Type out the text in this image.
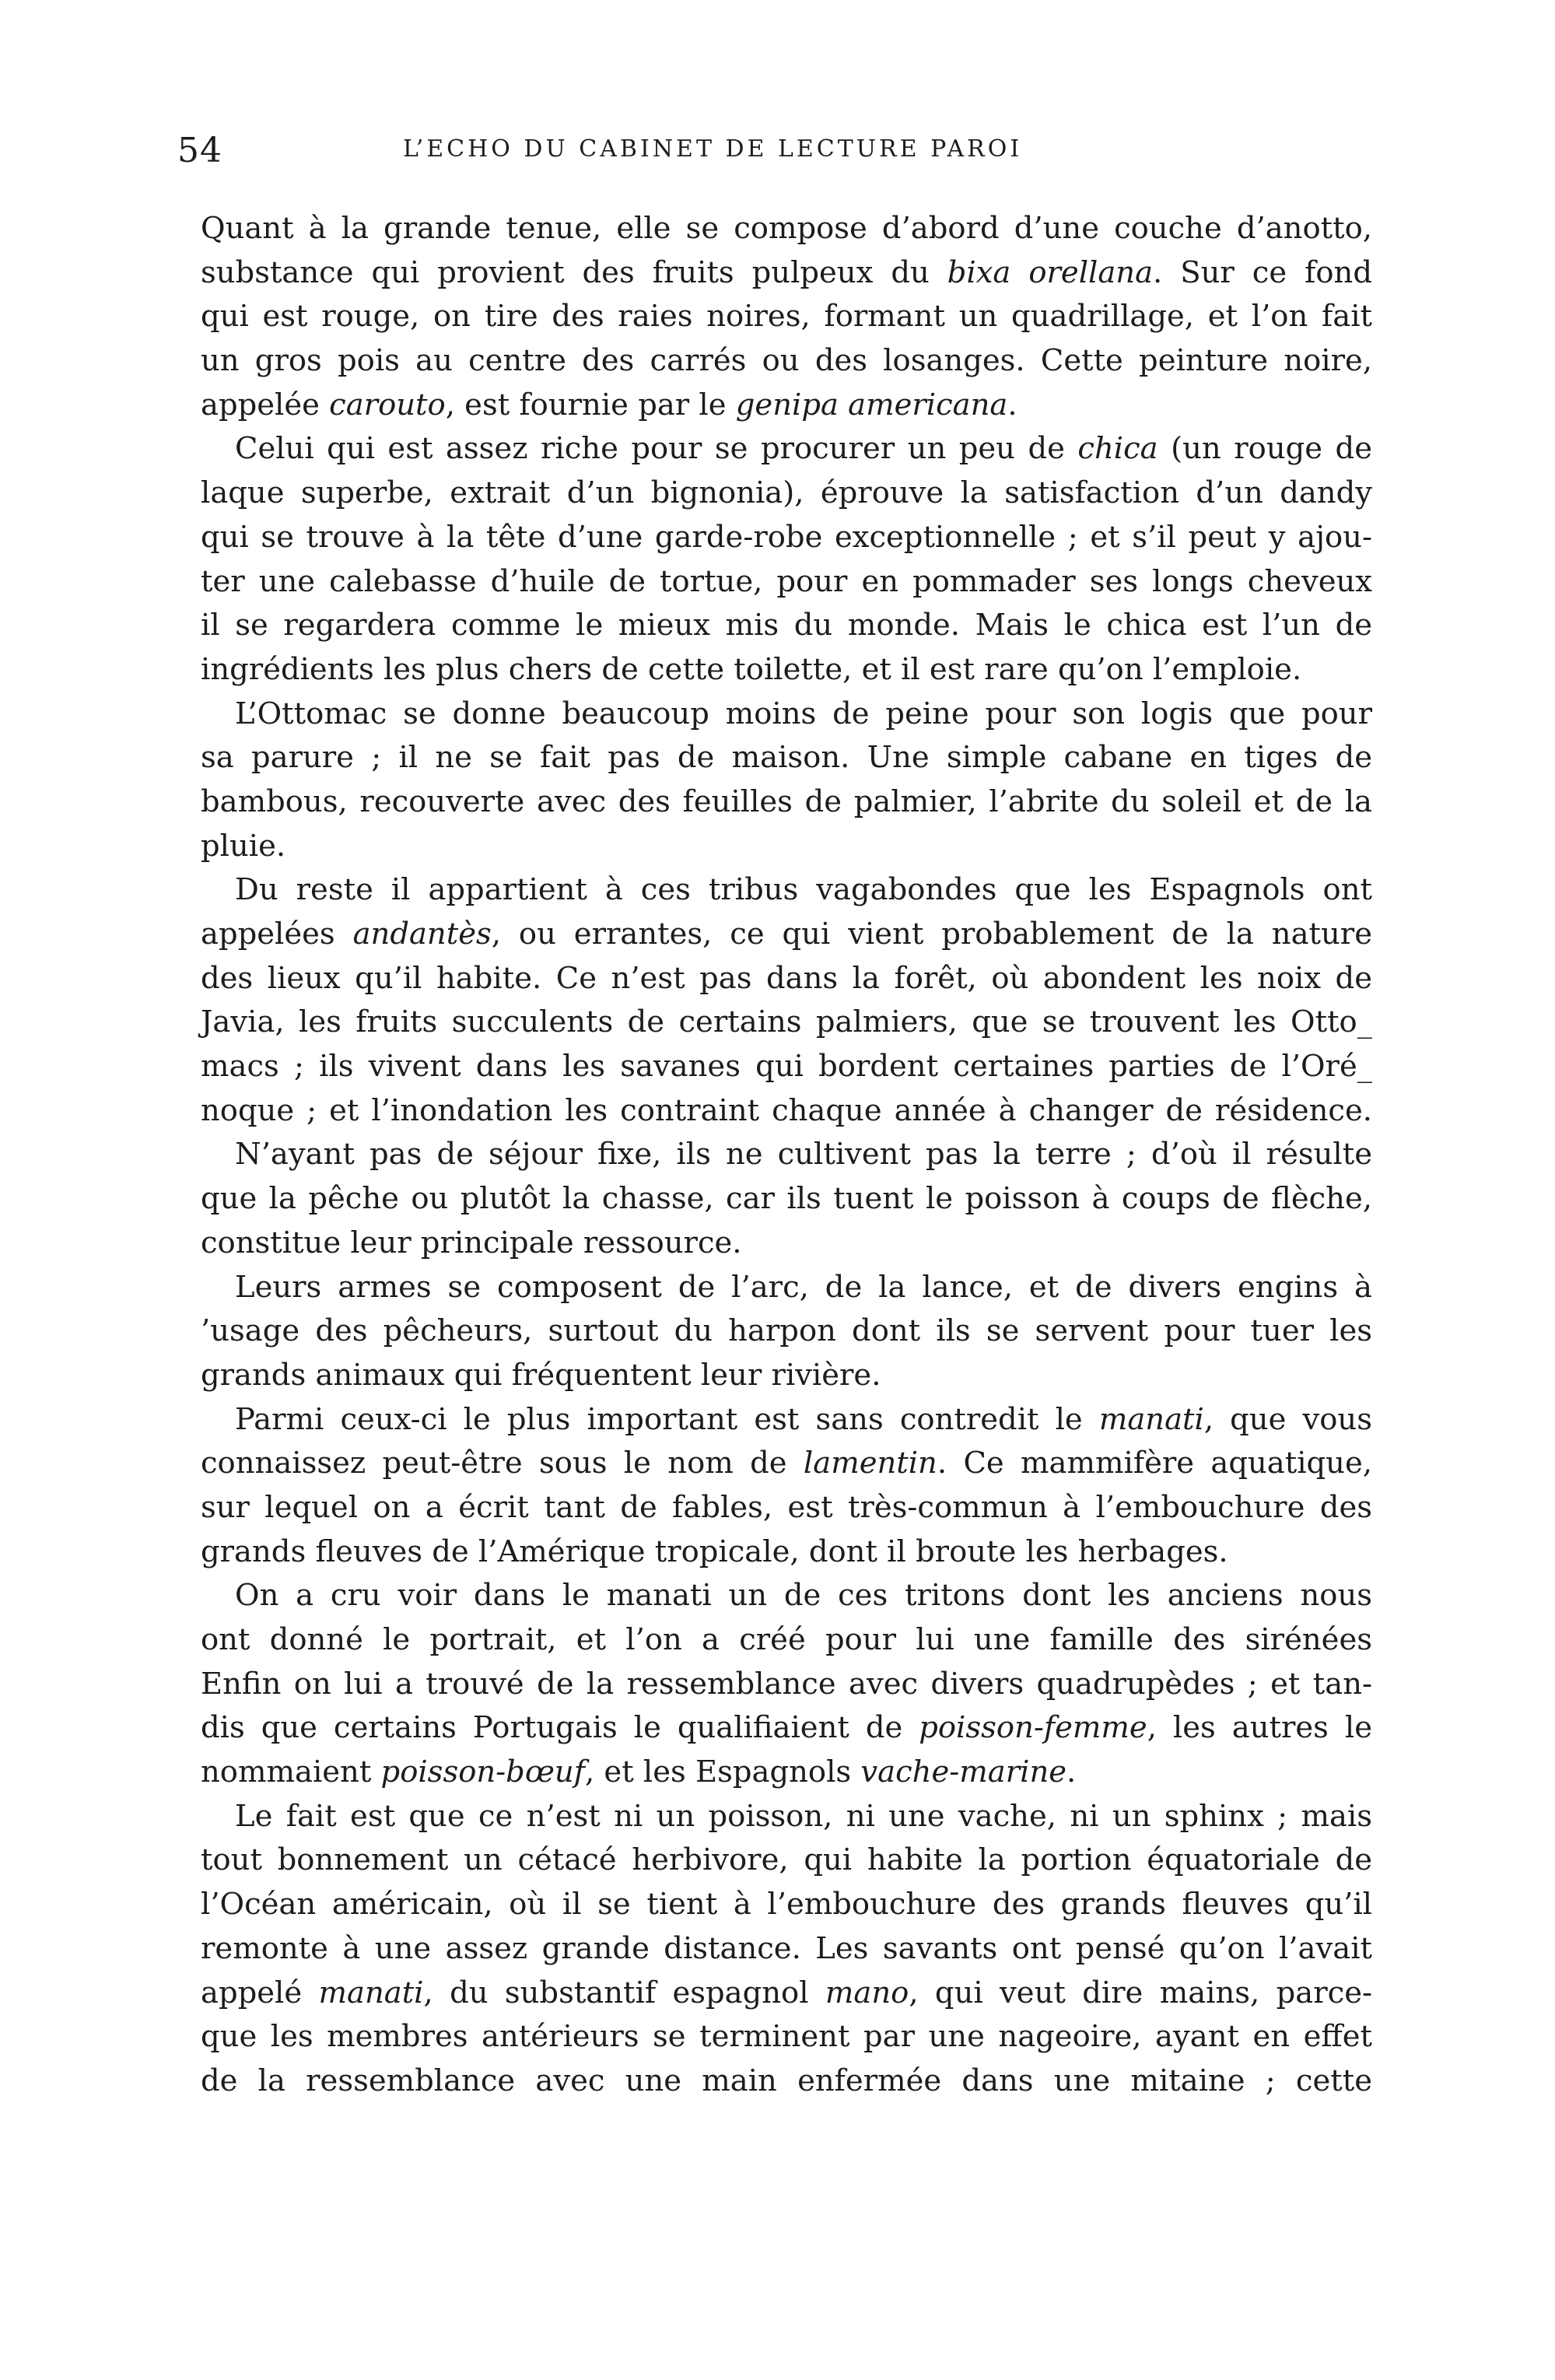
54	L’ECHO DU CABINET DE LECTURE PAROI
Quant à la grande tenue, elle se compose d’abord d’une couche d’anotto,
substance qui provient des fruits pulpeux du bixa orellana. Sur ce fond
qui est rouge, on tire des raies noires, formant un quadrillage, et l’on fait
un gros pois au centre des carrés ou des losanges. Cette peinture noire,
appelée carouto, est fournie par le genipa americana.
Celui qui est assez riche pour se procurer un peu de chica (un rouge de
laque superbe, extrait d’un bignonia), éprouve la satisfaction d’un dandy
qui se trouve à la tête d’une garde-robe exceptionnelle ; et s’il peut y ajou-
ter une calebasse d’huile de tortue, pour en pommader ses longs cheveux
il se regardera comme le mieux mis du monde. Mais le chica est l’un de
ingrédients les plus chers de cette toilette, et il est rare qu’on l’emploie.
L’Ottomac se donne beaucoup moins de peine pour son logis que pour
sa parure ; il ne se fait pas de maison. Une simple cabane en tiges de
bambous, recouverte avec des feuilles de palmier, l’abrite du soleil et de la
pluie.
Du reste il appartient à ces tribus vagabondes que les Espagnols ont
appelées andantès, ou errantes, ce qui vient probablement de la nature
des lieux qu’il habite. Ce n’est pas dans la forêt, où abondent les noix de
Javia, les fruits succulents de certains palmiers, que se trouvent les Otto_
macs ; ils vivent dans les savanes qui bordent certaines parties de l’Oré_
noque ; et l’inondation les contraint chaque année à changer de résidence.
N’ayant pas de séjour fixe, ils ne cultivent pas la terre ; d’où il résulte
que la pêche ou plutôt la chasse, car ils tuent le poisson à coups de flèche,
constitue leur principale ressource.
Leurs armes se composent de l’arc, de la lance, et de divers engins à
’usage des pêcheurs, surtout du harpon dont ils se servent pour tuer les
grands animaux qui fréquentent leur rivière.
Parmi ceux-ci le plus important est sans contredit le manati, que vous
connaissez peut-être sous le nom de lamentin. Ce mammifère aquatique,
sur lequel on a écrit tant de fables, est très-commun à l’embouchure des
grands fleuves de l’Amérique tropicale, dont il broute les herbages.
On a cru voir dans le manati un de ces tritons dont les anciens nous
ont donné le portrait, et l’on a créé pour lui une famille des sirénées
Enfin on lui a trouvé de la ressemblance avec divers quadrupèdes ; et tan-
dis que certains Portugais le qualifiaient de poisson-femme, les autres le
nommaient poisson-bœuf, et les Espagnols vache-marine.
Le fait est que ce n’est ni un poisson, ni une vache, ni un sphinx ; mais
tout bonnement un cétacé herbivore, qui habite la portion équatoriale de
l’Océan américain, où il se tient à l’embouchure des grands fleuves qu’il
remonte à une assez grande distance. Les savants ont pensé qu’on l’avait
appelé manati, du substantif espagnol mano, qui veut dire mains, parce-
que les membres antérieurs se terminent par une nageoire, ayant en effet
de la ressemblance avec une main enfermée dans une mitaine ; cette
